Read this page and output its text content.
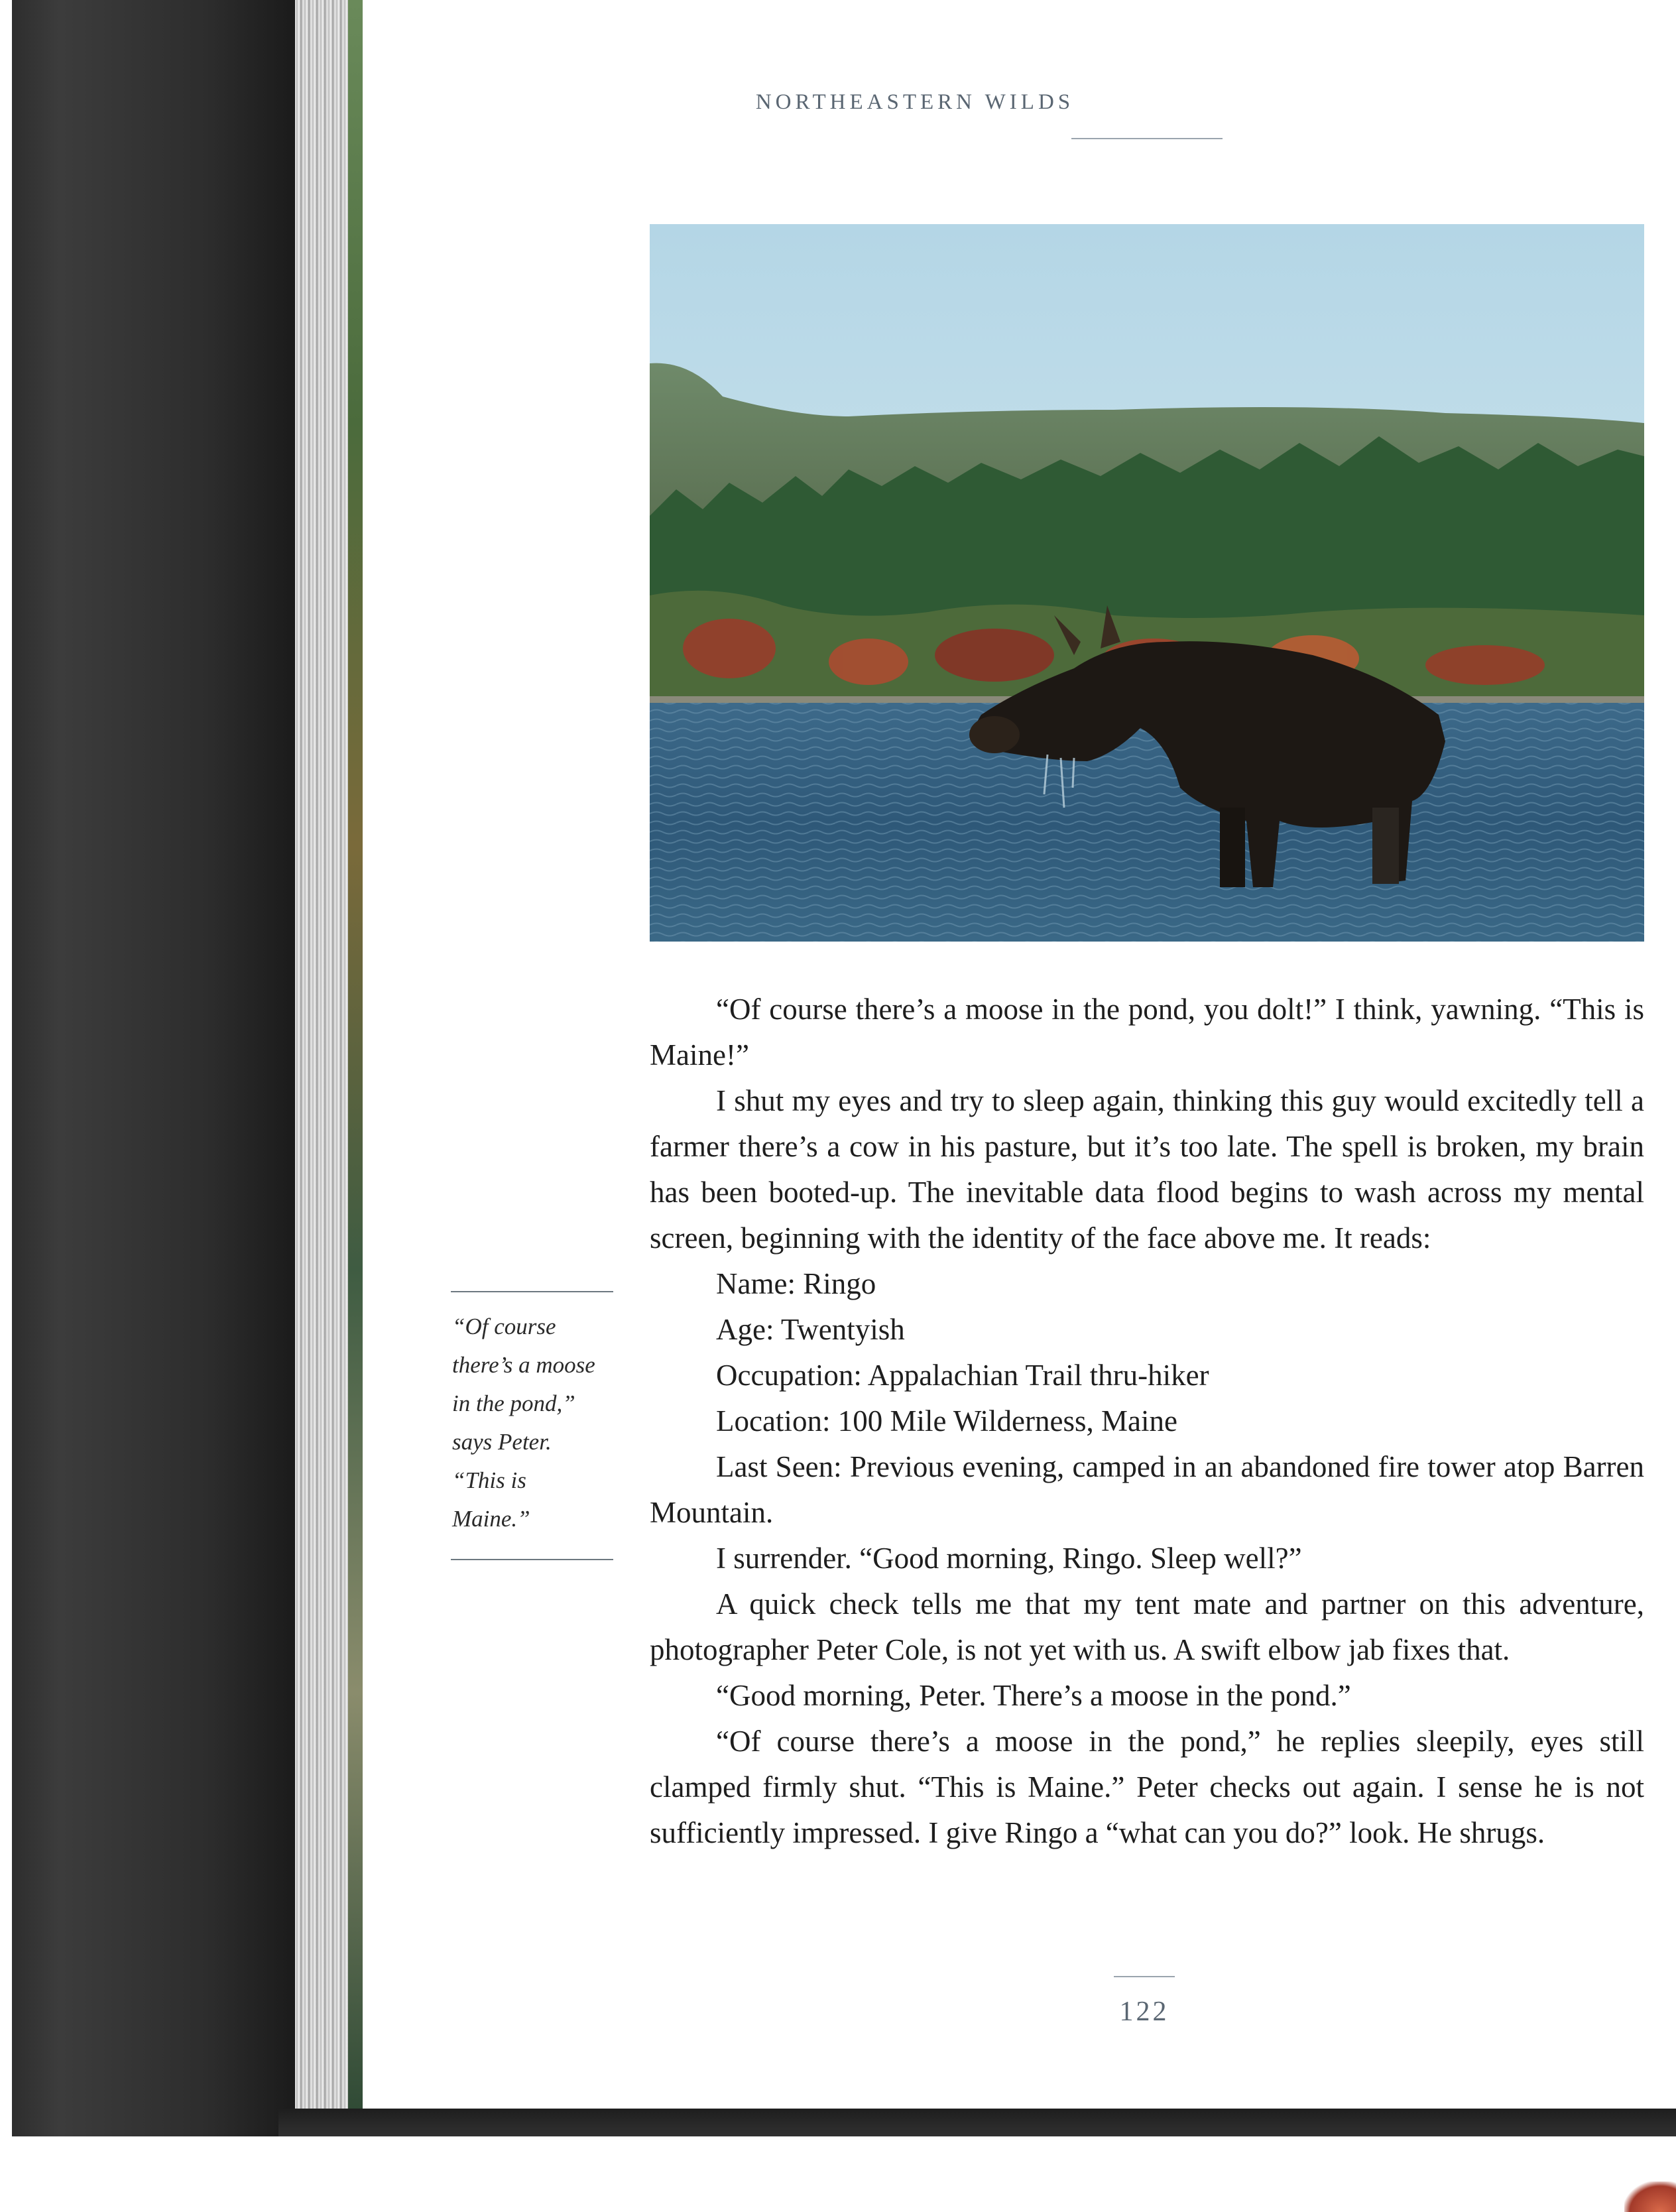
NORTHEASTERN WILDS

“Of course there’s a moose in the pond, you dolt!” I think, yawning. “This is Maine!”

I shut my eyes and try to sleep again, thinking this guy would excitedly tell a farmer there’s a cow in his pasture, but it’s too late. The spell is broken, my brain has been booted-up. The inevitable data flood begins to wash across my mental screen, beginning with the identity of the face above me. It reads:

Name: Ringo

Age: Twentyish

Occupation: Appalachian Trail thru-hiker

Location: 100 Mile Wilderness, Maine

Last Seen: Previous evening, camped in an abandoned fire tower atop Barren Mountain.

I surrender. “Good morning, Ringo. Sleep well?”

A quick check tells me that my tent mate and partner on this adventure, photographer Peter Cole, is not yet with us. A swift elbow jab fixes that.

“Good morning, Peter. There’s a moose in the pond.”

“Of course there’s a moose in the pond,” he replies sleepily, eyes still clamped firmly shut. “This is Maine.” Peter checks out again. I sense he is not sufficiently impressed. I give Ringo a “what can you do?” look. He shrugs.

“Of course
there’s a moose
in the pond,”
says Peter.
“This is
Maine.”
122
